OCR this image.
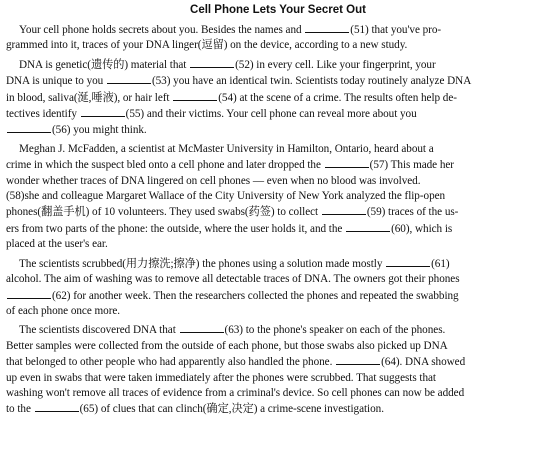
Cell Phone Lets Your Secret Out
Your cell phone holds secrets about you. Besides the names and	(51) that you've pro-
grammed into it, traces of your DNA linger(逗留) on the device, according to a new study.
DNA is genetic(遗传的) material that	(52) in every cell. Like your fingerprint, your
DNA is unique to you	(53) you have an identical twin. Scientists today routinely analyze DNA
in blood, saliva(涎,唾液), or hair left	(54) at the scene of a crime. The results often help de-
tectives identify	(55) and their victims. Your cell phone can reveal more about you
(56) you might think.
Meghan J. McFadden, a scientist at McMaster University in Hamilton, Ontario, heard about a
crime in which the suspect bled onto a cell phone and later dropped the	(57) This made her
wonder whether traces of DNA lingered on cell phones — even when no blood was involved.
(58)she and colleague Margaret Wallace of the City University of New York analyzed the flip-open
phones(翻盖手机) of 10 volunteers. They used swabs(药签) to collect	(59) traces of the us-
ers from two parts of the phone: the outside, where the user holds it, and the	(60), which is
placed at the user's ear.
The scientists scrubbed(用力擦洗;擦净) the phones using a solution made mostly	(61)
alcohol. The aim of washing was to remove all detectable traces of DNA. The owners got their phones
(62) for another week. Then the researchers collected the phones and repeated the swabbing
of each phone once more.
The scientists discovered DNA that	(63) to the phone's speaker on each of the phones.
Better samples were collected from the outside of each phone, but those swabs also picked up DNA
that belonged to other people who had apparently also handled the phone.	(64). DNA showed
up even in swabs that were taken immediately after the phones were scrubbed. That suggests that
washing won't remove all traces of evidence from a criminal's device. So cell phones can now be added
to the	(65) of clues that can clinch(确定,决定) a crime-scene investigation.
